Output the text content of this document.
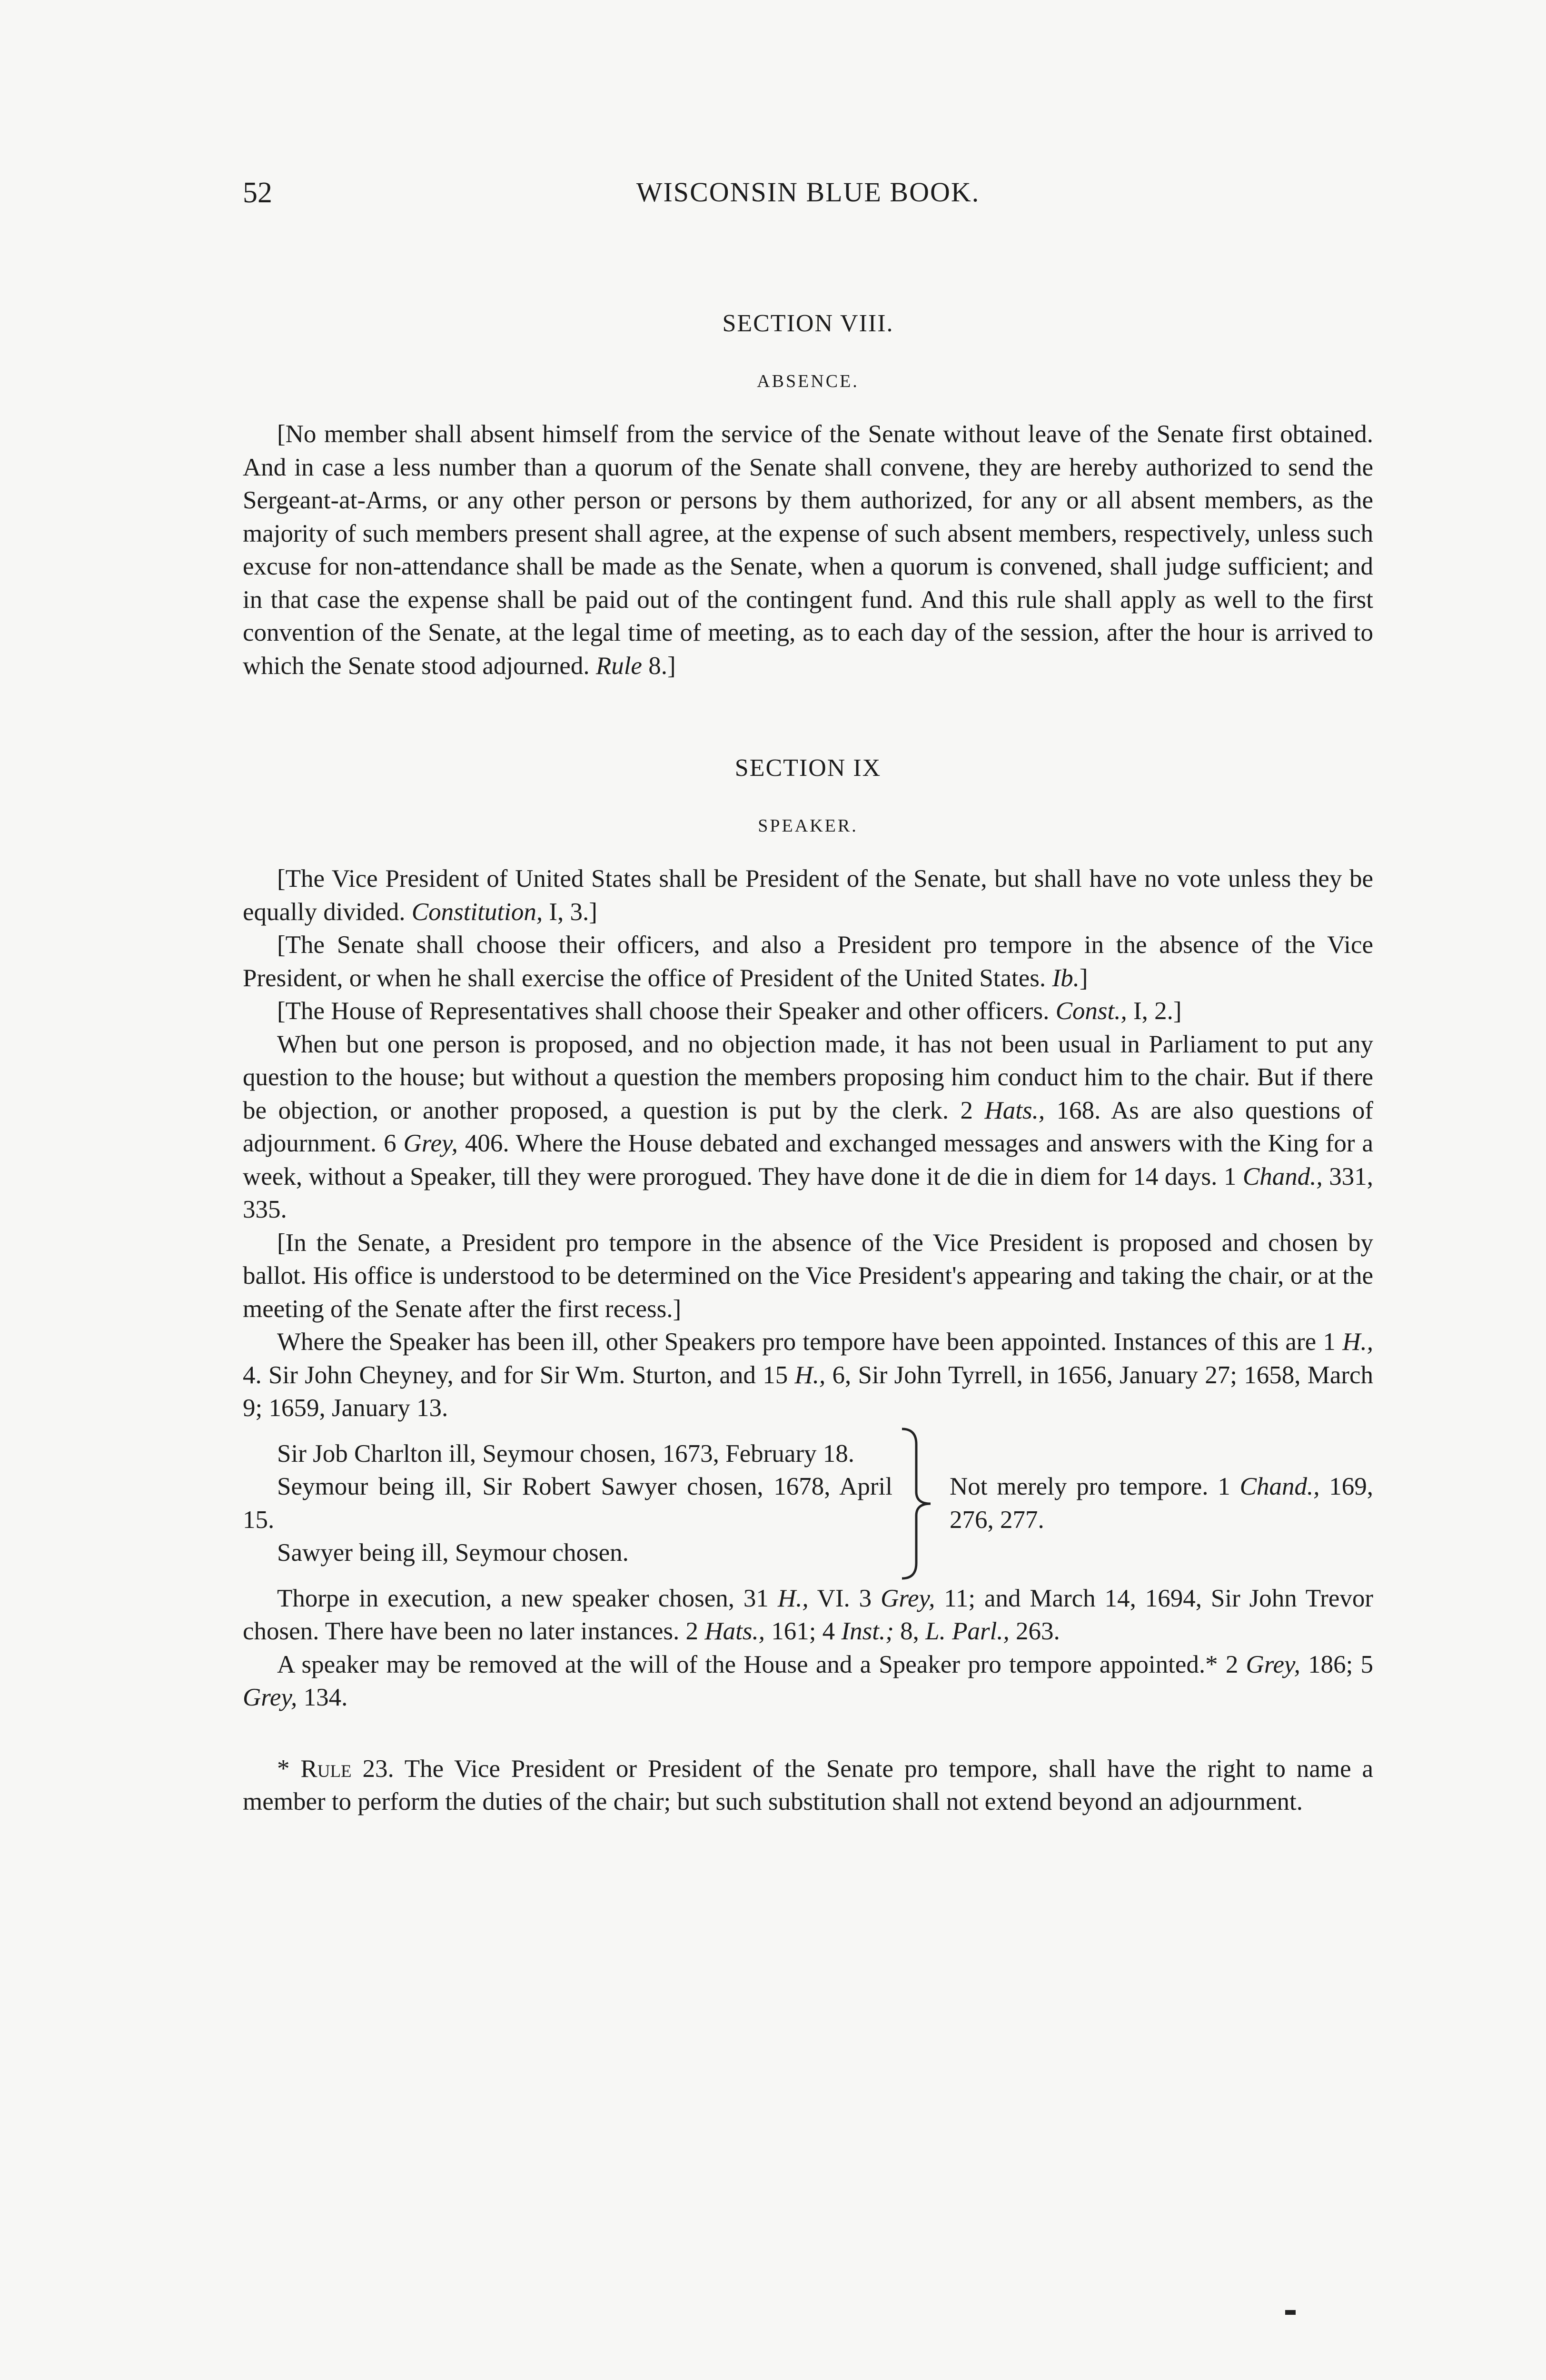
52	WISCONSIN BLUE BOOK.
SECTION VIII.
ABSENCE.

[No member shall absent himself from the service of the Senate without leave of the Senate first obtained. And in case a less number than a quorum of the Senate shall convene, they are hereby authorized to send the Sergeant-at-Arms, or any other person or persons by them authorized, for any or all absent members, as the majority of such members present shall agree, at the expense of such absent members, respectively, unless such excuse for non-attendance shall be made as the Senate, when a quorum is convened, shall judge sufficient; and in that case the expense shall be paid out of the contingent fund. And this rule shall apply as well to the first convention of the Senate, at the legal time of meeting, as to each day of the session, after the hour is arrived to which the Senate stood adjourned. Rule 8.]

SECTION IX
SPEAKER.

[The Vice President of United States shall be President of the Senate, but shall have no vote unless they be equally divided. Constitution, I, 3.]

[The Senate shall choose their officers, and also a President pro tempore in the absence of the Vice President, or when he shall exercise the office of President of the United States. Ib.]

[The House of Representatives shall choose their Speaker and other officers. Const., I, 2.]

When but one person is proposed, and no objection made, it has not been usual in Parliament to put any question to the house; but without a question the members proposing him conduct him to the chair. But if there be objection, or another proposed, a question is put by the clerk. 2 Hats., 168. As are also questions of adjournment. 6 Grey, 406. Where the House debated and exchanged messages and answers with the King for a week, without a Speaker, till they were prorogued. They have done it de die in diem for 14 days. 1 Chand., 331, 335.

[In the Senate, a President pro tempore in the absence of the Vice President is proposed and chosen by ballot. His office is understood to be determined on the Vice President's appearing and taking the chair, or at the meeting of the Senate after the first recess.]

Where the Speaker has been ill, other Speakers pro tempore have been appointed. Instances of this are 1 H., 4. Sir John Cheyney, and for Sir Wm. Sturton, and 15 H., 6, Sir John Tyrrell, in 1656, January 27; 1658, March 9; 1659, January 13.

Sir Job Charlton ill, Seymour chosen, 1673, February 18.

Seymour being ill, Sir Robert Sawyer chosen, 1678, April 15.

Sawyer being ill, Seymour chosen.

Not merely pro tempore. 1 Chand., 169, 276, 277.

Thorpe in execution, a new speaker chosen, 31 H., VI. 3 Grey, 11; and March 14, 1694, Sir John Trevor chosen. There have been no later instances. 2 Hats., 161; 4 Inst.; 8, L. Parl., 263.

A speaker may be removed at the will of the House and a Speaker pro tempore appointed.* 2 Grey, 186; 5 Grey, 134.

* Rule 23. The Vice President or President of the Senate pro tempore, shall have the right to name a member to perform the duties of the chair; but such substitution shall not extend beyond an adjournment.
